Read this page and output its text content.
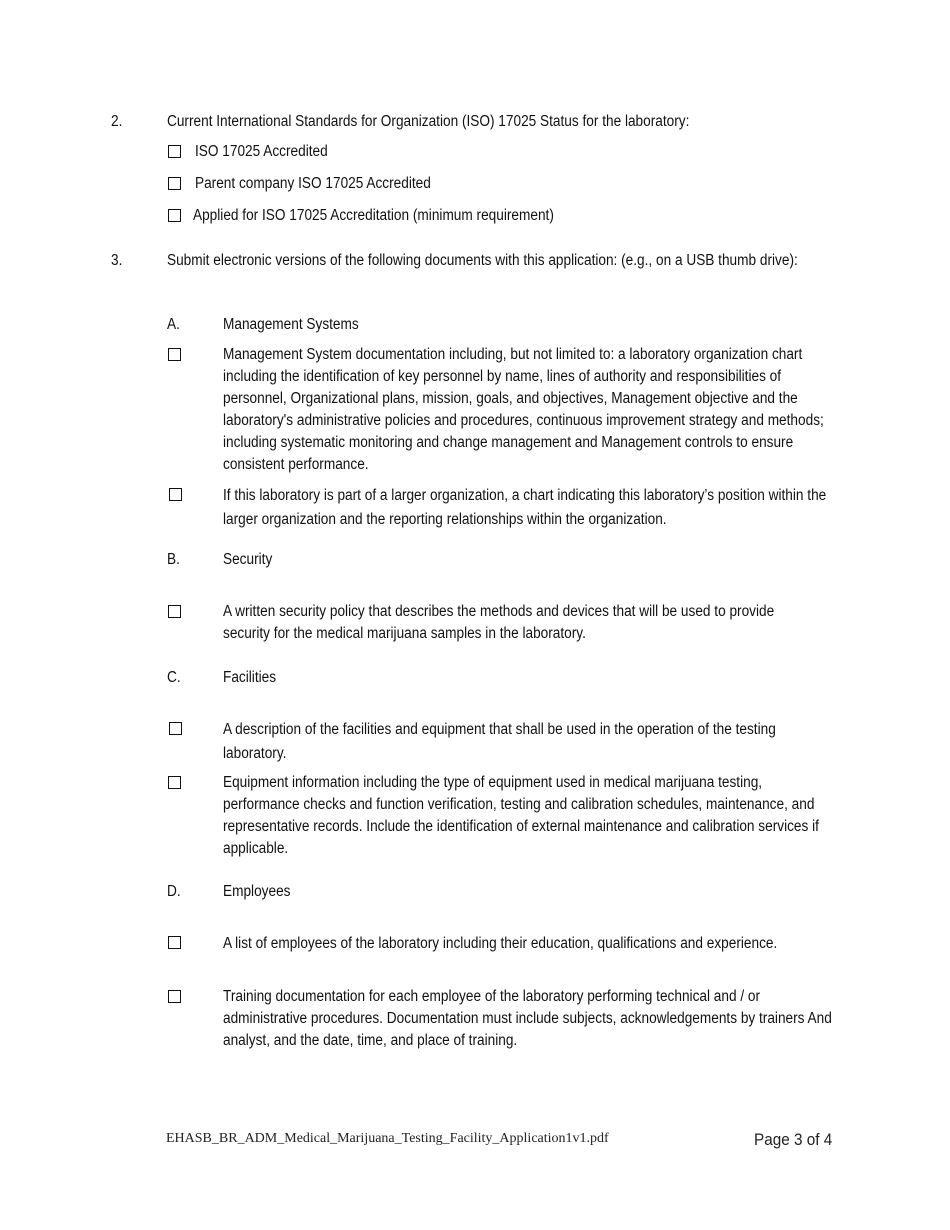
2.	Current International Standards for Organization (ISO) 17025 Status for the laboratory:
ISO 17025 Accredited
Parent company ISO 17025 Accredited
Applied for ISO 17025 Accreditation (minimum requirement)
3.	Submit electronic versions of the following documents with this application: (e.g., on a USB thumb drive):
A.	Management Systems
Management System documentation including, but not limited to: a laboratory organization chart including the identification of key personnel by name, lines of authority and responsibilities of personnel, Organizational plans, mission, goals, and objectives, Management objective and the laboratory's administrative policies and procedures, continuous improvement strategy and methods; including systematic monitoring and change management and Management controls to ensure consistent performance.
If this laboratory is part of a larger organization, a chart indicating this laboratory’s position within the larger organization and the reporting relationships within the organization.
B.	Security
A written security policy that describes the methods and devices that will be used to provide security for the medical marijuana samples in the laboratory.
C.	Facilities
A description of the facilities and equipment that shall be used in the operation of the testing laboratory.
Equipment information including the type of equipment used in medical marijuana testing, performance checks and function verification, testing and calibration schedules, maintenance, and representative records. Include the identification of external maintenance and calibration services if applicable.
D.	Employees
A list of employees of the laboratory including their education, qualifications and experience.
Training documentation for each employee of the laboratory performing technical and / or administrative procedures. Documentation must include subjects, acknowledgements by trainers And analyst, and the date, time, and place of training.
EHASB_BR_ADM_Medical_Marijuana_Testing_Facility_Application1v1.pdf	Page 3 of 4
